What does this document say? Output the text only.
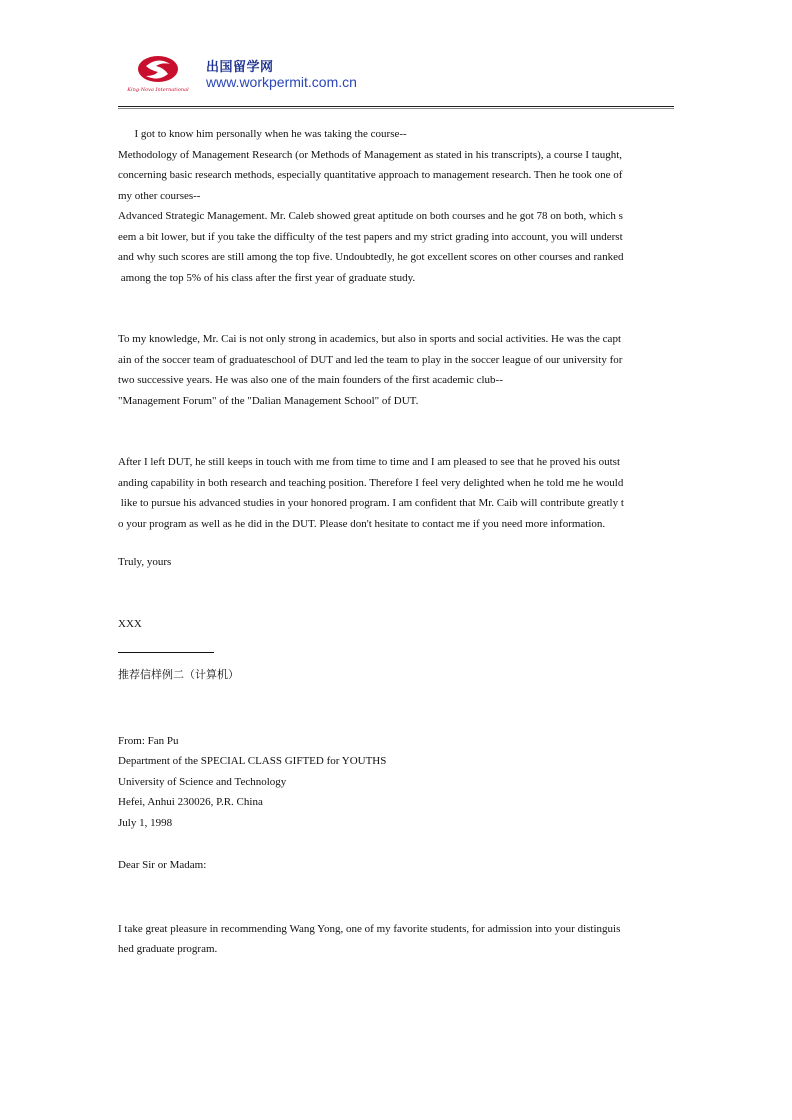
King-Nova International
出国留学网
www.workpermit.com.cn

I got to know him personally when he was taking the course--

Methodology of Management Research (or Methods of Management as stated in his transcripts), a course I taught,

concerning basic research methods, especially quantitative approach to management research. Then he took one of

my other courses--

Advanced Strategic Management. Mr. Caleb showed great aptitude on both courses and he got 78 on both, which s

eem a bit lower, but if you take the difficulty of the test papers and my strict grading into account, you will underst

and why such scores are still among the top five. Undoubtedly, he got excellent scores on other courses and ranked

among the top 5% of his class after the first year of graduate study.

To my knowledge, Mr. Cai is not only strong in academics, but also in sports and social activities. He was the capt

ain of the soccer team of graduateschool of DUT and led the team to play in the soccer league of our university for

two successive years. He was also one of the main founders of the first academic club--

"Management Forum" of the "Dalian Management School" of DUT.

After I left DUT, he still keeps in touch with me from time to time and I am pleased to see that he proved his outst

anding capability in both research and teaching position. Therefore I feel very delighted when he told me he would

like to pursue his advanced studies in your honored program. I am confident that Mr. Caib will contribute greatly t

o your program as well as he did in the DUT. Please don't hesitate to contact me if you need more information.

Truly, yours

XXX

推荐信样例二（计算机）

From: Fan Pu

Department of the SPECIAL CLASS GIFTED for YOUTHS

University of Science and Technology

Hefei, Anhui 230026, P.R. China

July 1, 1998

Dear Sir or Madam:

I take great pleasure in recommending Wang Yong, one of my favorite students, for admission into your distinguis

hed graduate program.
